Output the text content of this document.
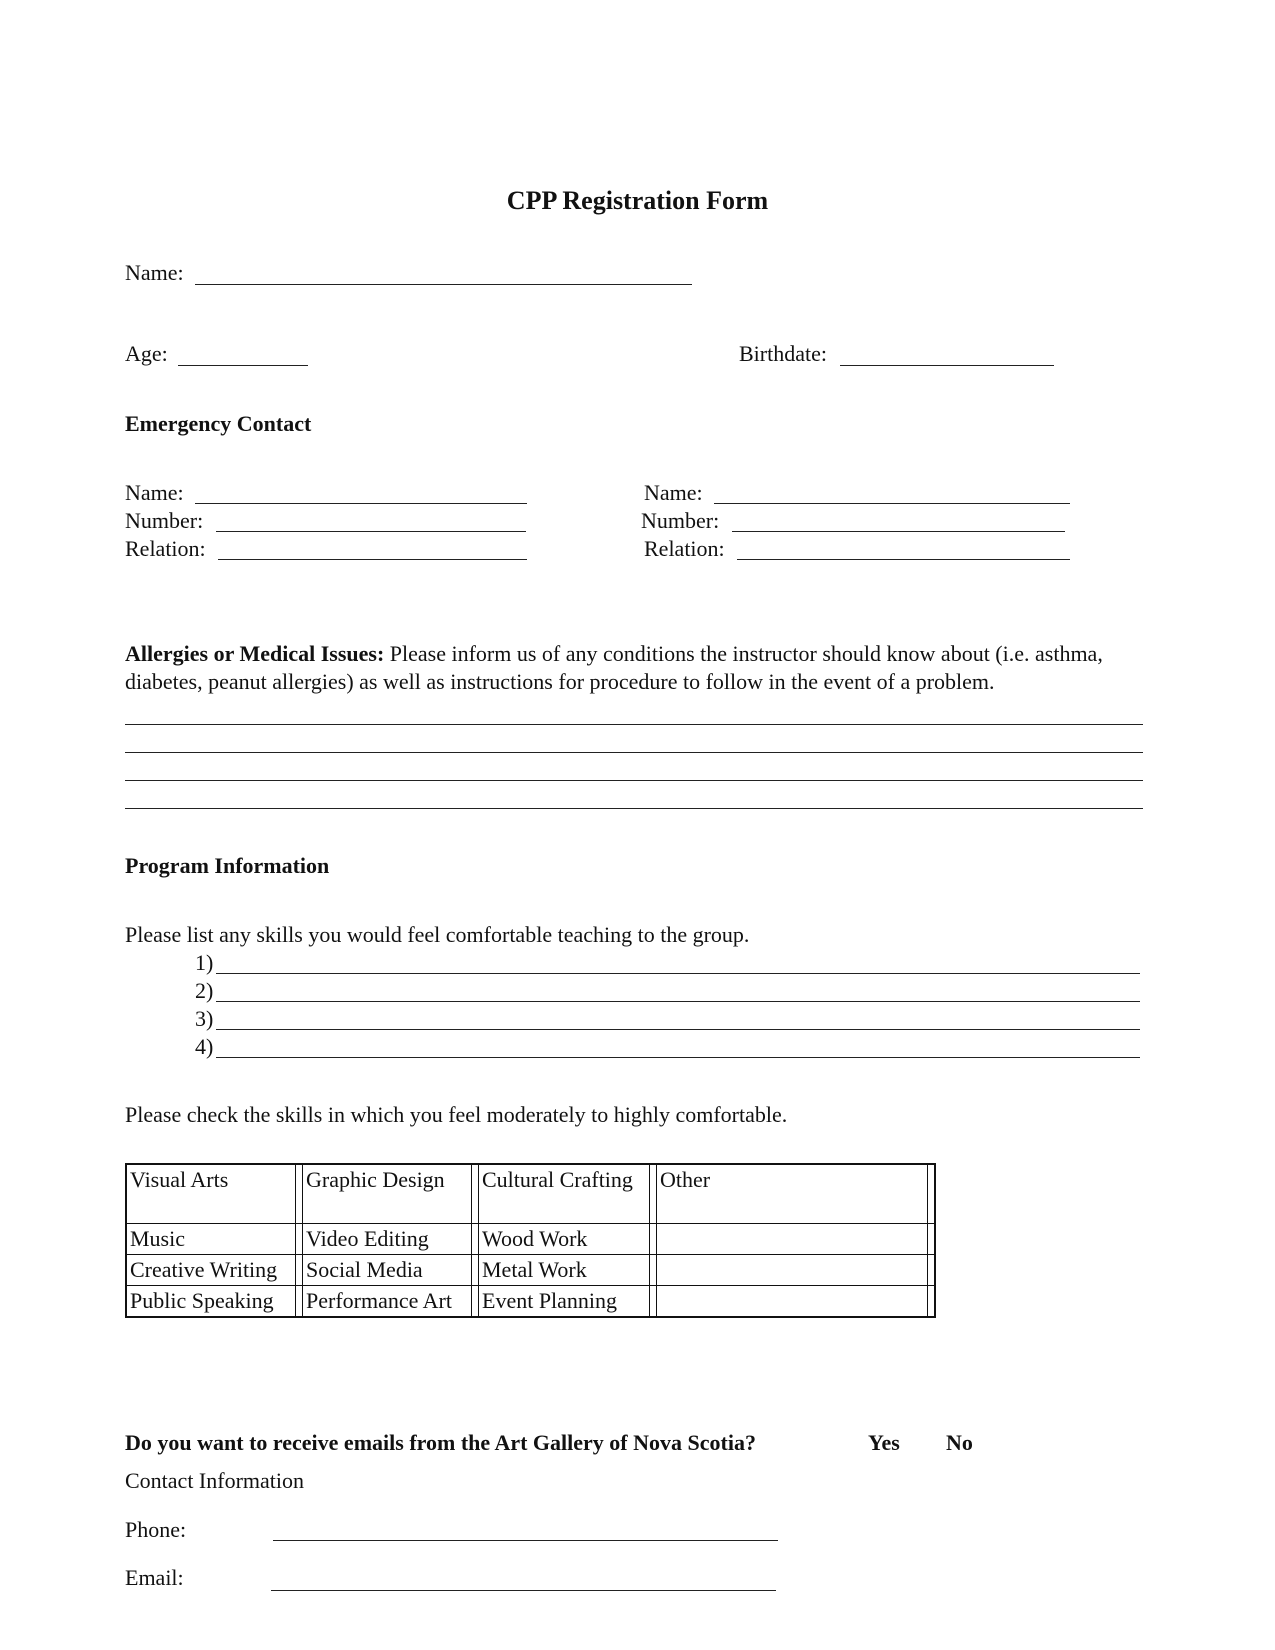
CPP Registration Form
Name:
Age:	Birthdate:
Emergency Contact
Name:
Number:
Relation:
Name:
Number:
Relation:
Allergies or Medical Issues: Please inform us of any conditions the instructor should know about (i.e. asthma, diabetes, peanut allergies) as well as instructions for procedure to follow in the event of a problem.
Program Information
Please list any skills you would feel comfortable teaching to the group.
1)
2)
3)
4)
Please check the skills in which you feel moderately to highly comfortable.
Visual Arts		Graphic Design		Cultural Crafting		Other	
Music		Video Editing		Wood Work			
Creative Writing		Social Media		Metal Work			
Public Speaking		Performance Art		Event Planning			
Do you want to receive emails from the Art Gallery of Nova Scotia?	Yes No
Contact Information
Phone:
Email:
